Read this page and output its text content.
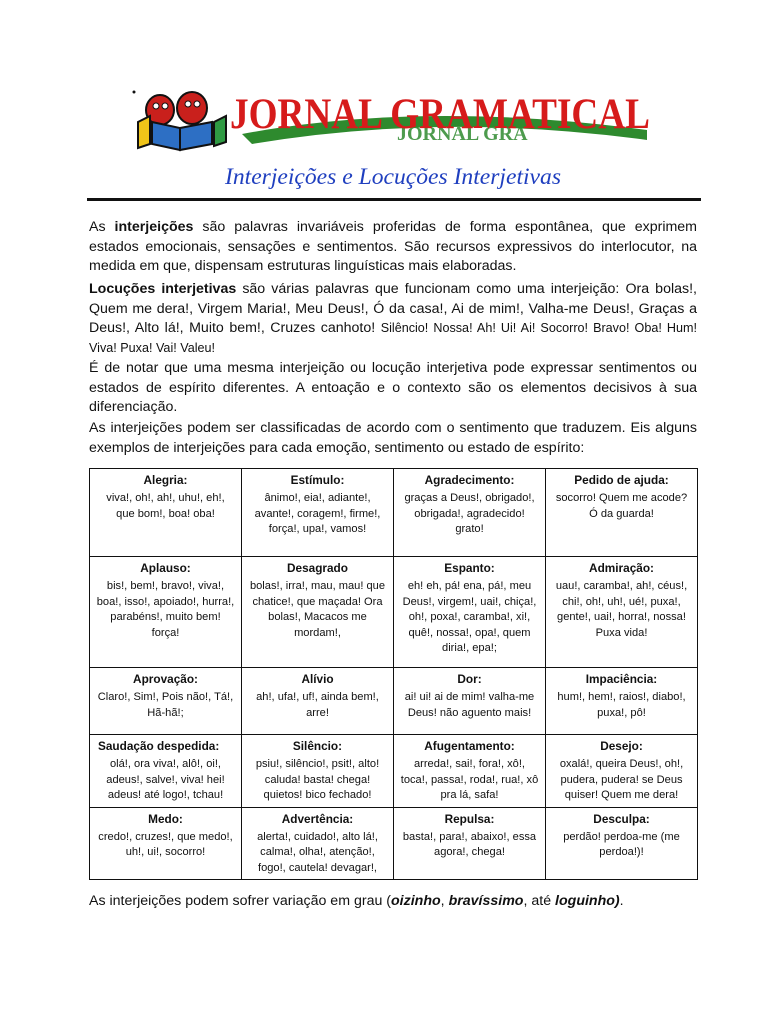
JORNAL GRA
JORNAL GRAMATICAL
Interjeições e Locuções Interjetivas

As interjeições são palavras invariáveis proferidas de forma espontânea, que exprimem estados emocionais, sensações e sentimentos. São recursos expressivos do interlocutor, na medida em que, dispensam estruturas linguísticas mais elaboradas.

Locuções interjetivas são várias palavras que funcionam como uma interjeição: Ora bolas!, Quem me dera!, Virgem Maria!, Meu Deus!, Ó da casa!, Ai de mim!, Valha-me Deus!, Graças a Deus!, Alto lá!, Muito bem!, Cruzes canhoto! Silêncio! Nossa! Ah! Ui! Ai! Socorro! Bravo! Oba! Hum! Viva! Puxa! Vai! Valeu!

É de notar que uma mesma interjeição ou locução interjetiva pode expressar sentimentos ou estados de espírito diferentes. A entoação e o contexto são os elementos decisivos à sua diferenciação.

As interjeições podem ser classificadas de acordo com o sentimento que traduzem. Eis alguns exemplos de interjeições para cada emoção, sentimento ou estado de espírito:

Alegria:
viva!, oh!, ah!, uhu!, eh!, que bom!, boa! oba!	Estímulo:
ânimo!, eia!, adiante!, avante!, coragem!, firme!, força!, upa!, vamos!	Agradecimento:
graças a Deus!, obrigado!, obrigada!, agradecido! grato!	Pedido de ajuda:
socorro! Quem me acode? Ó da guarda!

Aplauso:
bis!, bem!, bravo!, viva!, boa!, isso!, apoiado!, hurra!, parabéns!, muito bem! força!	Desagrado
bolas!, irra!, mau, mau! que chatice!, que maçada! Ora bolas!, Macacos me mordam!,	Espanto:
eh! eh, pá! ena, pá!, meu Deus!, virgem!, uai!, chiça!, oh!, poxa!, caramba!, xi!, quê!, nossa!, opa!, quem diria!, epa!;	Admiração:
uau!, caramba!, ah!, céus!, chi!, oh!, uh!, ué!, puxa!, gente!, uai!, horra!, nossa! Puxa vida!

Aprovação:
Claro!, Sim!, Pois não!, Tá!, Hã-hã!;	Alívio
ah!, ufa!, uf!, ainda bem!, arre!	Dor:
ai! ui! ai de mim! valha-me Deus! não aguento mais!	Impaciência:
hum!, hem!, raios!, diabo!, puxa!, pô!

Saudação despedida:
olá!, ora viva!, alô!, oi!, adeus!, salve!, viva! hei! adeus! até logo!, tchau!	Silêncio:
psiu!, silêncio!, psit!, alto! caluda! basta! chega! quietos! bico fechado!	Afugentamento:
arreda!, sai!, fora!, xô!, toca!, passa!, roda!, rua!, xô pra lá, safa!	Desejo:
oxalá!, queira Deus!, oh!, pudera, pudera! se Deus quiser! Quem me dera!

Medo:
credo!, cruzes!, que medo!, uh!, ui!, socorro!	Advertência:
alerta!, cuidado!, alto lá!, calma!, olha!, atenção!, fogo!, cautela! devagar!,	Repulsa:
basta!, para!, abaixo!, essa agora!, chega!	Desculpa:
perdão! perdoa-me (me perdoa!)!

As interjeições podem sofrer variação em grau (oizinho, bravíssimo, até loguinho).
